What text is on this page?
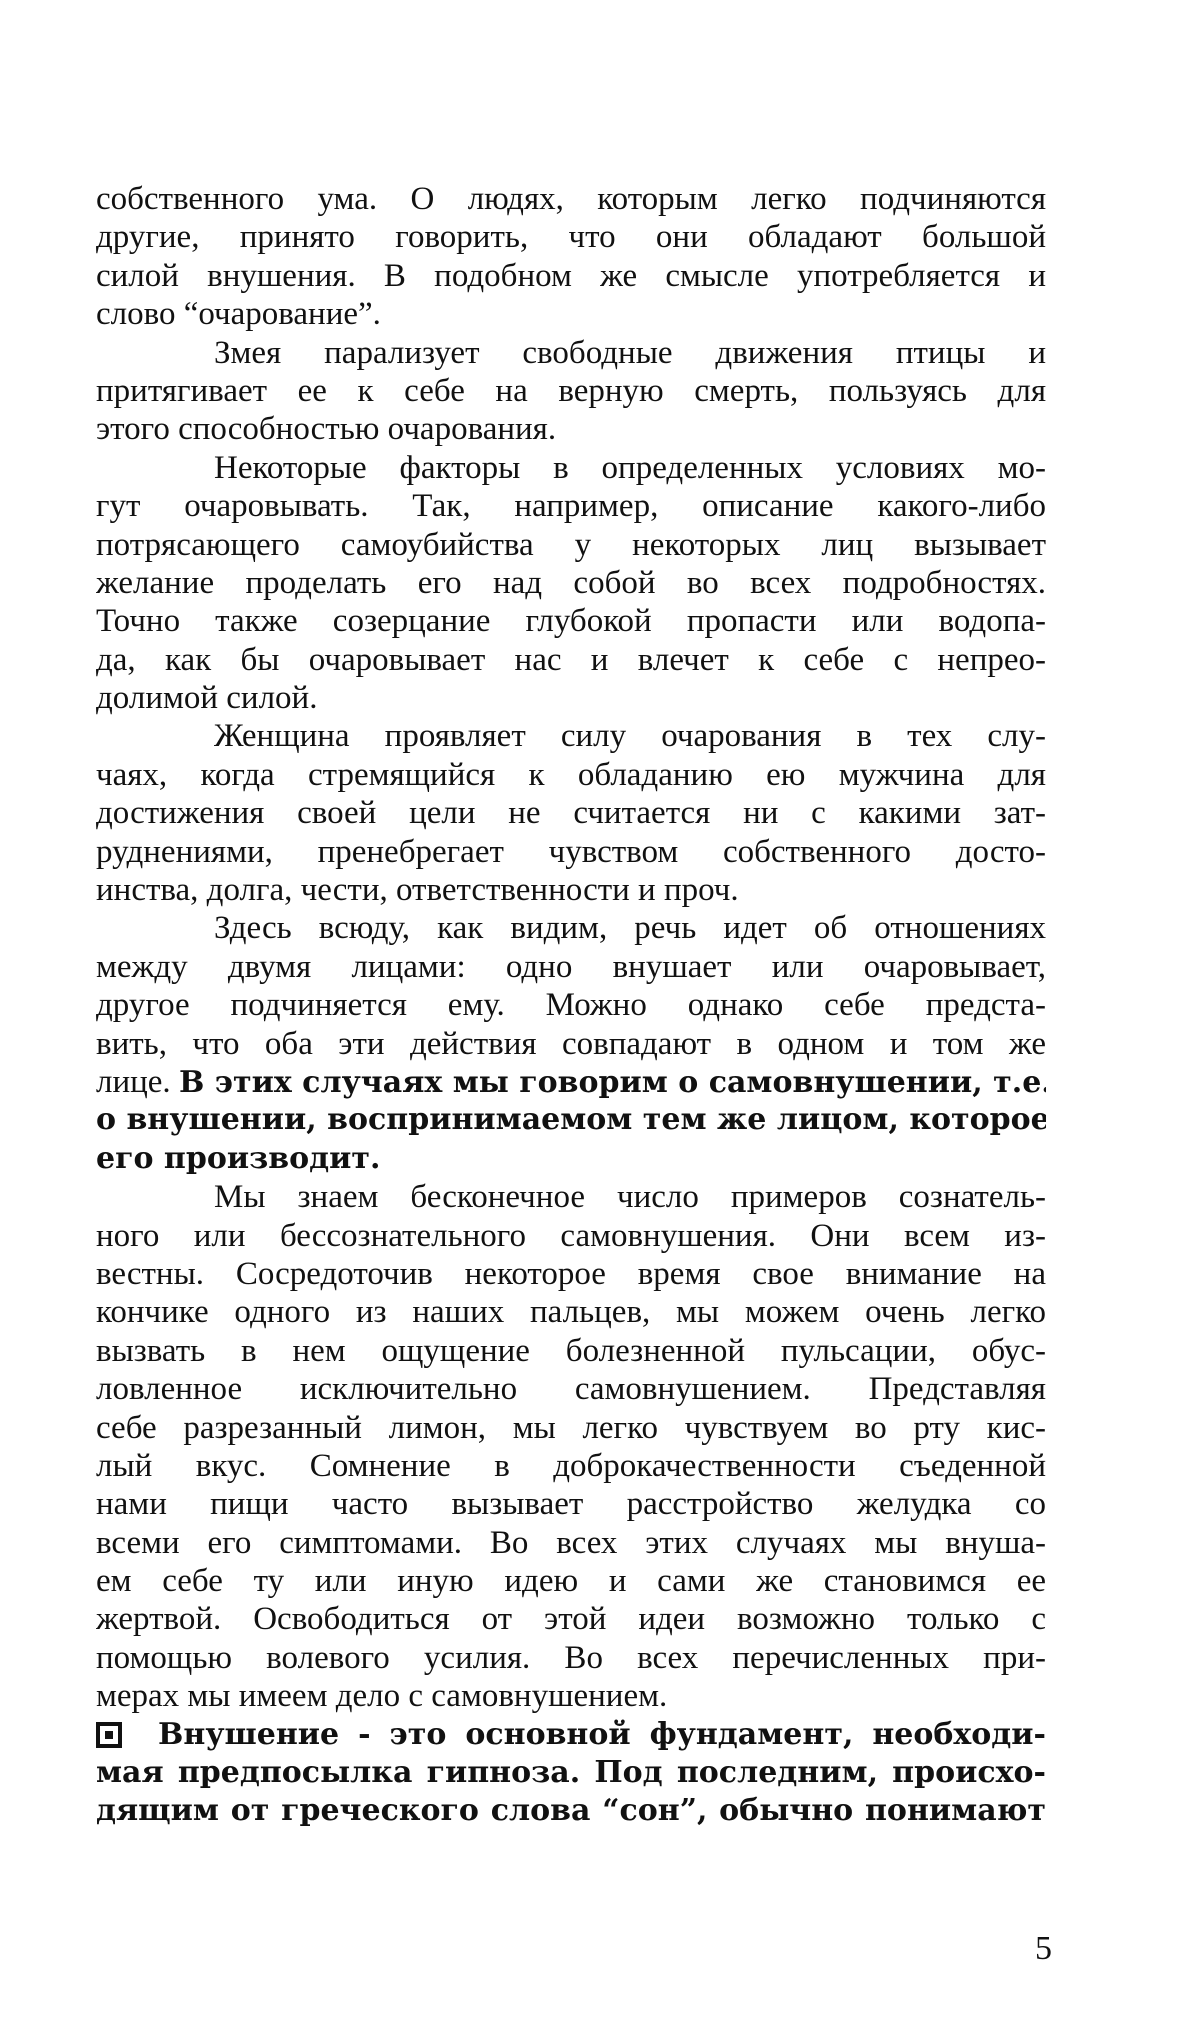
собственного ума. О людях, которым легко подчиняются
другие, принято говорить, что они обладают большой
силой внушения. В подобном же смысле употребляется и
слово “очарование”.
Змея парализует свободные движения птицы и
притягивает ее к себе на верную смерть, пользуясь для
этого способностью очарования.
Некоторые факторы в определенных условиях мо-
гут очаровывать. Так, например, описание какого-либо
потрясающего самоубийства у некоторых лиц вызывает
желание проделать его над собой во всех подробностях.
Точно также созерцание глубокой пропасти или водопа-
да, как бы очаровывает нас и влечет к себе с непрео-
долимой силой.
Женщина проявляет силу очарования в тех слу-
чаях, когда стремящийся к обладанию ею мужчина для
достижения своей цели не считается ни с какими зат-
руднениями, пренебрегает чувством собственного досто-
инства, долга, чести, ответственности и проч.
Здесь всюду, как видим, речь идет об отношениях
между двумя лицами: одно внушает или очаровывает,
другое подчиняется ему. Можно однако себе предста-
вить, что оба эти действия совпадают в одном и том же
лице. В этих случаях мы говорим о самовнушении, т.е.
о внушении, воспринимаемом тем же лицом, которое
его производит.
Мы знаем бесконечное число примеров сознатель-
ного или бессознательного самовнушения. Они всем из-
вестны. Сосредоточив некоторое время свое внимание на
кончике одного из наших пальцев, мы можем очень легко
вызвать в нем ощущение болезненной пульсации, обус-
ловленное исключительно самовнушением. Представляя
себе разрезанный лимон, мы легко чувствуем во рту кис-
лый вкус. Сомнение в доброкачественности съеденной
нами пищи часто вызывает расстройство желудка со
всеми его симптомами. Во всех этих случаях мы внуша-
ем себе ту или иную идею и сами же становимся ее
жертвой. Освободиться от этой идеи возможно только с
помощью волевого усилия. Во всех перечисленных при-
мерах мы имеем дело с самовнушением.
Внушение - это основной фундамент, необходи-
мая предпосылка гипноза. Под последним, происхо-
дящим от греческого слова “сон”, обычно понимают
5
